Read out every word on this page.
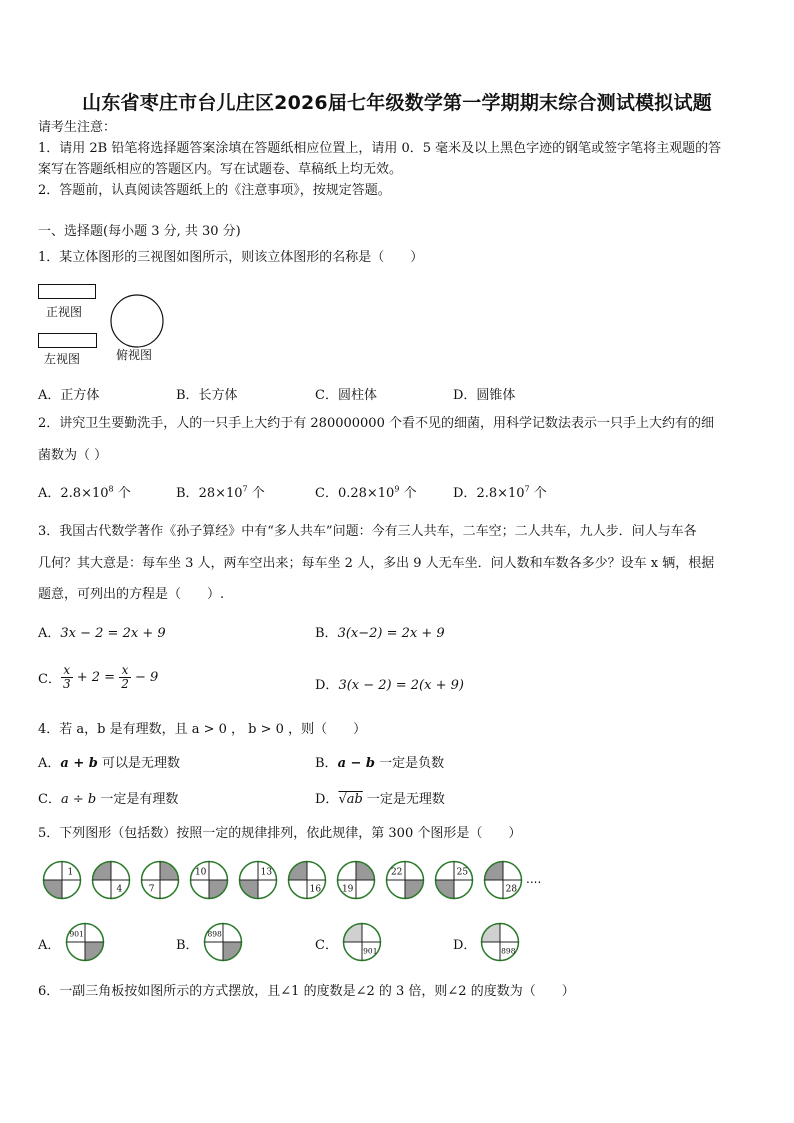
山东省枣庄市台儿庄区2026届七年级数学第一学期期末综合测试模拟试题
请考生注意：
1．请用 2B 铅笔将选择题答案涂填在答题纸相应位置上，请用 0．5 毫米及以上黑色字迹的钢笔或签字笔将主观题的答
案写在答题纸相应的答题区内。写在试题卷、草稿纸上均无效。
2．答题前，认真阅读答题纸上的《注意事项》，按规定答题。
一、选择题(每小题 3 分, 共 30 分)
1．某立体图形的三视图如图所示，则该立体图形的名称是（　　）
正视图
左视图	俯视图
A．正方体	B．长方体	C．圆柱体	D．圆锥体
2．讲究卫生要勤洗手，人的一只手上大约于有 280000000 个看不见的细菌，用科学记数法表示一只手上大约有的细
菌数为（ ）
A．$2.8\times 10^8$ 个	B．$28\times 10^7$ 个	C．$0.28\times 10^9$ 个	D．$2.8\times 10^7$ 个
3．我国古代数学著作《孙子算经》中有“多人共车”问题：今有三人共车，二车空；二人共车，九人步．问人与车各
几何？其大意是：每车坐 3 人，两车空出来；每车坐 2 人，多出 9 人无车坐．问人数和车数各多少？设车 x 辆，根据
题意，可列出的方程是（　　）.
A．3x − 2 = 2x + 9	B．3(x−2) = 2x + 9
C． $\frac{x}{3} + 2 = \frac{x}{2} - 9$
D．3(x − 2) = 2(x + 9)
4．若 a，b 是有理数，且 a > 0 ， b > 0 ，则（　　）
A．a + b 可以是无理数	B．a − b 一定是负数
C．a ÷ b 一定是有理数	D．√ab 一定是无理数
5．下列图形（包括数）按照一定的规律排列，依此规律，第 300 个图形是（　　）
....
6．一副三角板按如图所示的方式摆放，且∠1 的度数是∠2 的 3 倍，则∠2 的度数为（　　）
1
4	7
10	13
16 19
22	25
28
A．
901
B．
898
C．	901	D．	898
